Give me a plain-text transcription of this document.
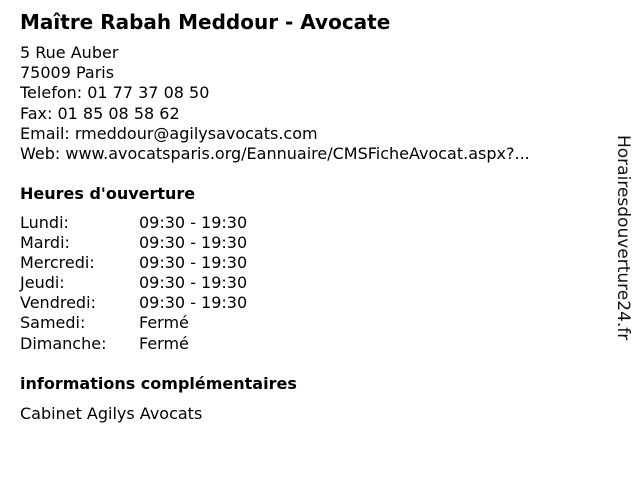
Maître Rabah Meddour - Avocate
5 Rue Auber
75009 Paris
Telefon: 01 77 37 08 50
Fax: 01 85 08 58 62
Email: rmeddour@agilysavocats.com
Web: www.avocatsparis.org/Eannuaire/CMSFicheAvocat.aspx?...
Heures d'ouverture
Lundi:	09:30 - 19:30
Mardi:	09:30 - 19:30
Mercredi:	09:30 - 19:30
Jeudi:	09:30 - 19:30
Vendredi:	09:30 - 19:30
Samedi:	Fermé
Dimanche:	Fermé
informations complémentaires
Cabinet Agilys Avocats
Horairesdouverture24.fr
